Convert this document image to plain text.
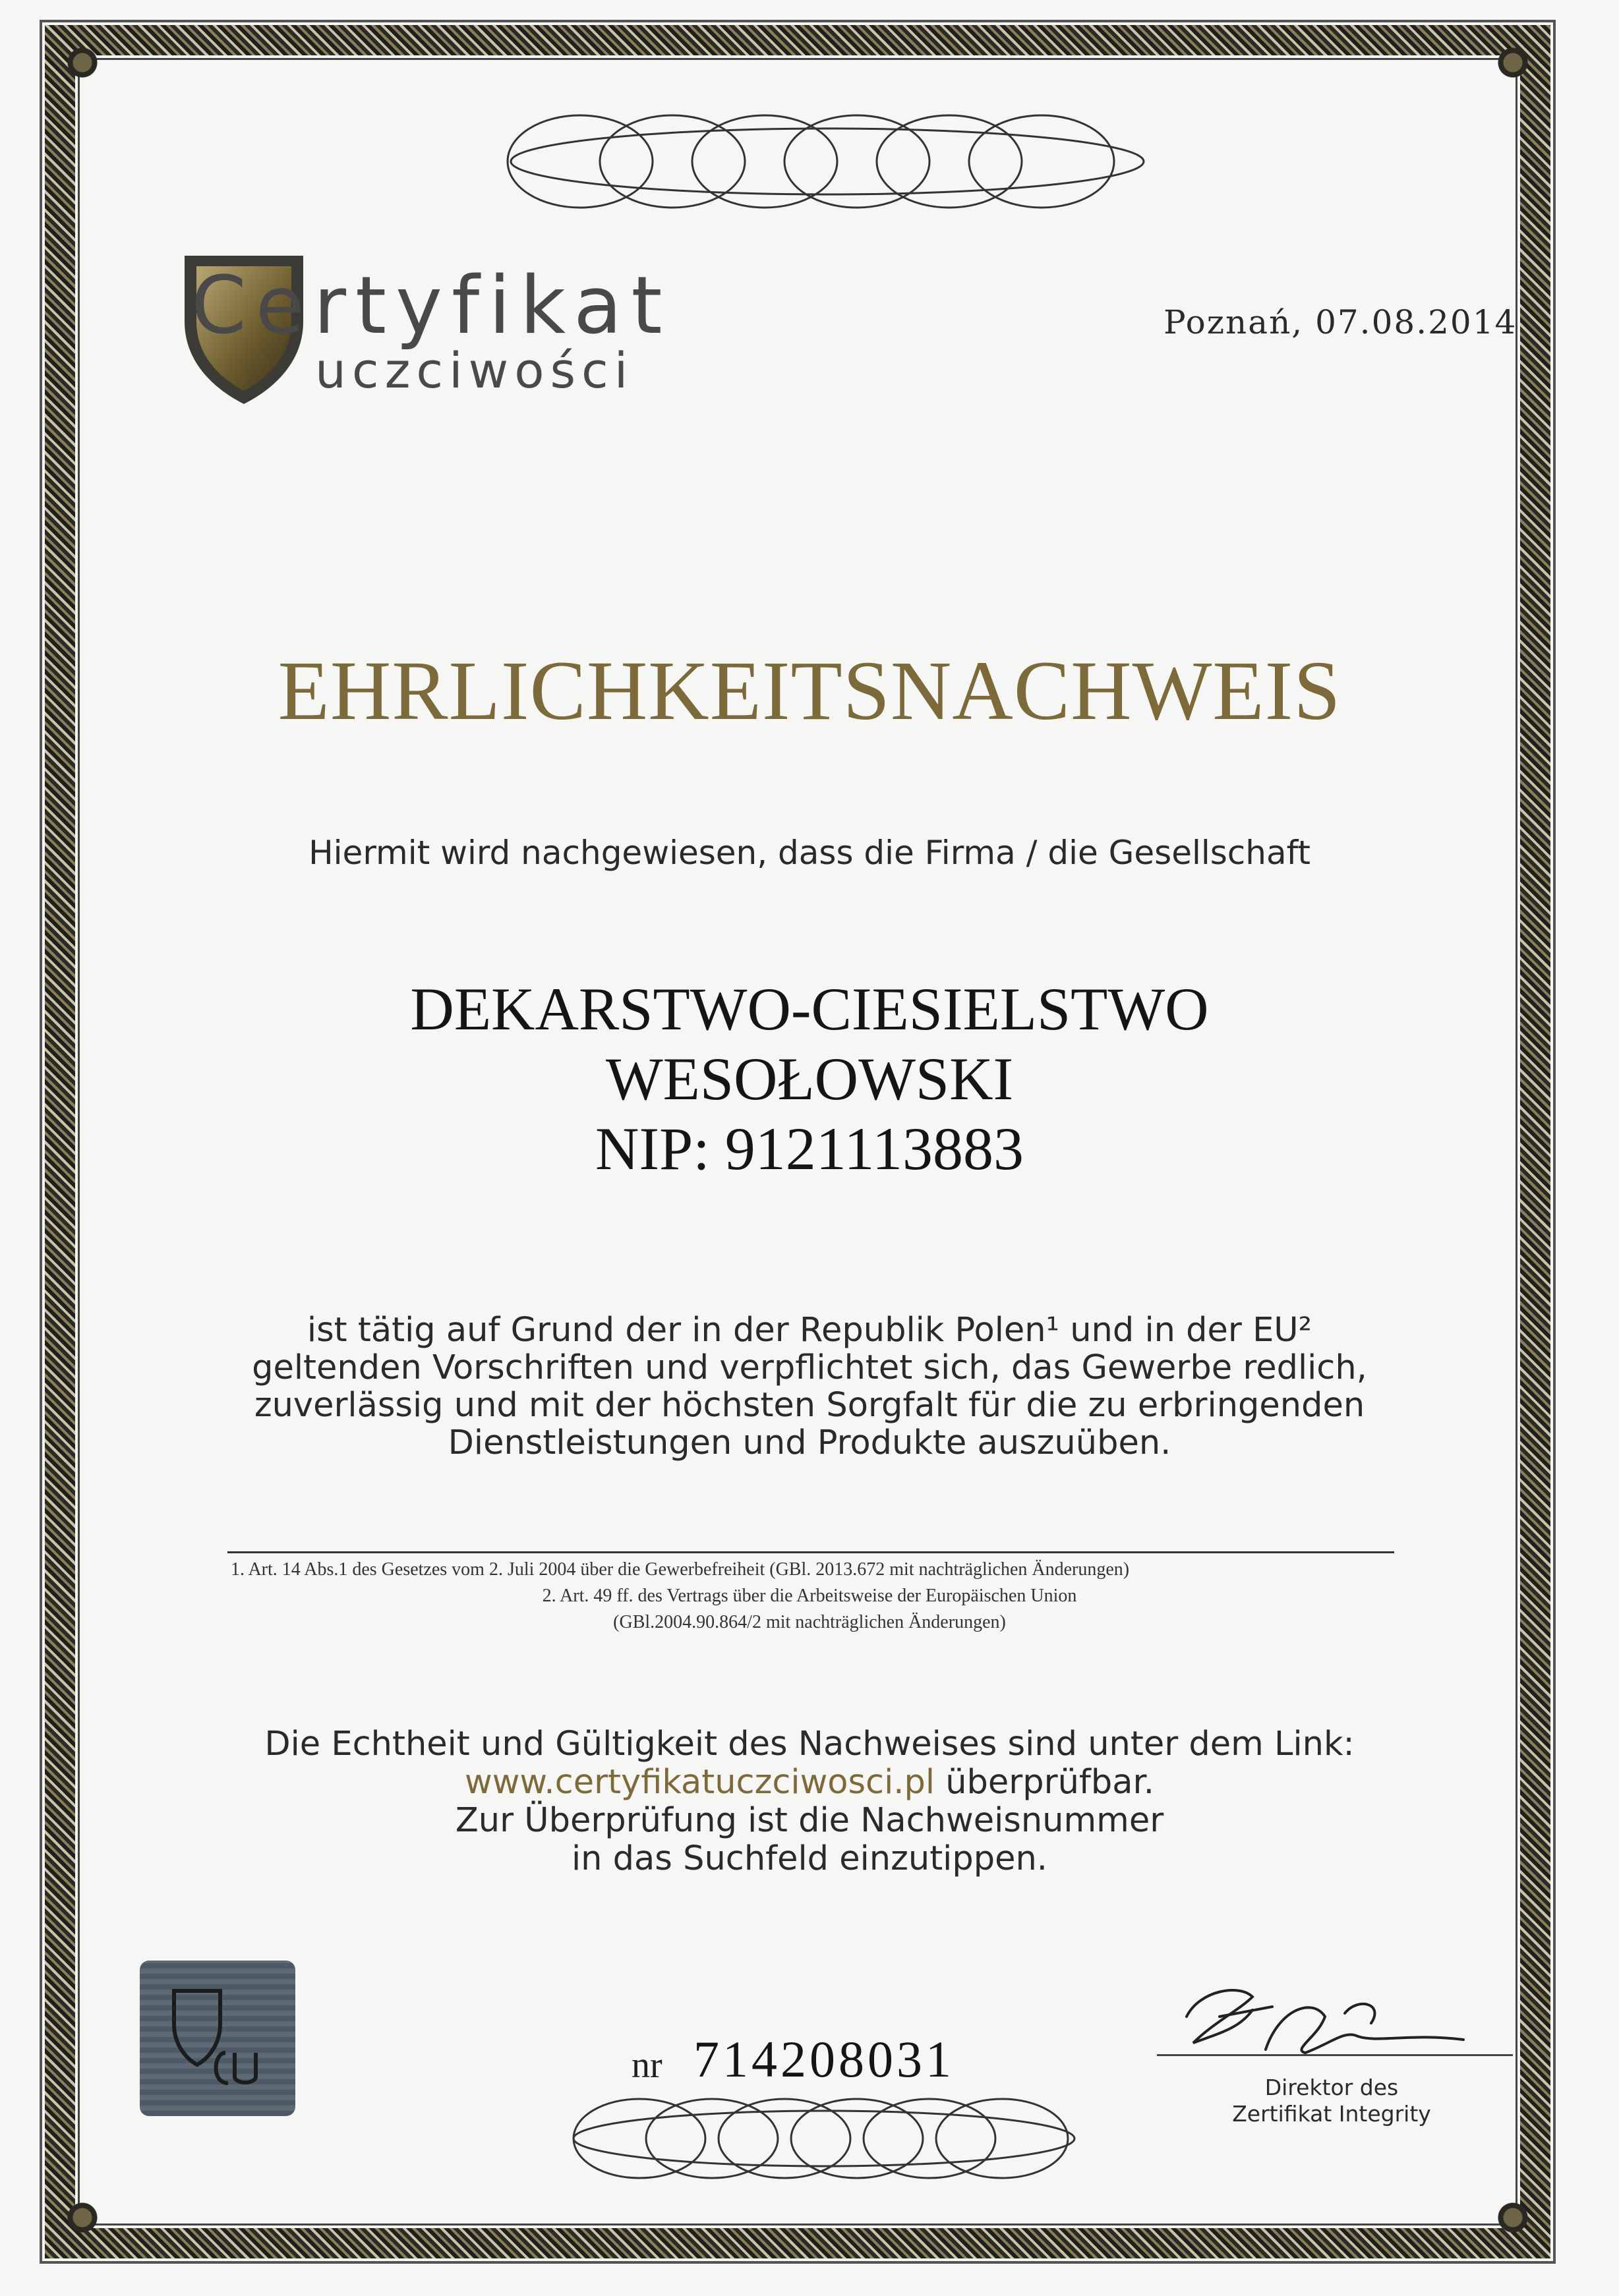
Certyfikat
uczciwości
Poznań, 07.08.2014
EHRLICHKEITSNACHWEIS
Hiermit wird nachgewiesen, dass die Firma / die Gesellschaft
DEKARSTWO-CIESIELSTWO
WESOŁOWSKI
NIP: 9121113883
ist tätig auf Grund der in der Republik Polen¹ und in der EU²
geltenden Vorschriften und verpflichtet sich, das Gewerbe redlich,
zuverlässig und mit der höchsten Sorgfalt für die zu erbringenden
Dienstleistungen und Produkte auszuüben.
1. Art. 14 Abs.1 des Gesetzes vom 2. Juli 2004 über die Gewerbefreiheit (GBl. 2013.672 mit nachträglichen Änderungen)
2. Art. 49 ff. des Vertrags über die Arbeitsweise der Europäischen Union
(GBl.2004.90.864/2 mit nachträglichen Änderungen)
Die Echtheit und Gültigkeit des Nachweises sind unter dem Link:
www.certyfikatuczciwosci.pl überprüfbar.
Zur Überprüfung ist die Nachweisnummer
in das Suchfeld einzutippen.
nr 714208031	Direktor des
Zertifikat Integrity
